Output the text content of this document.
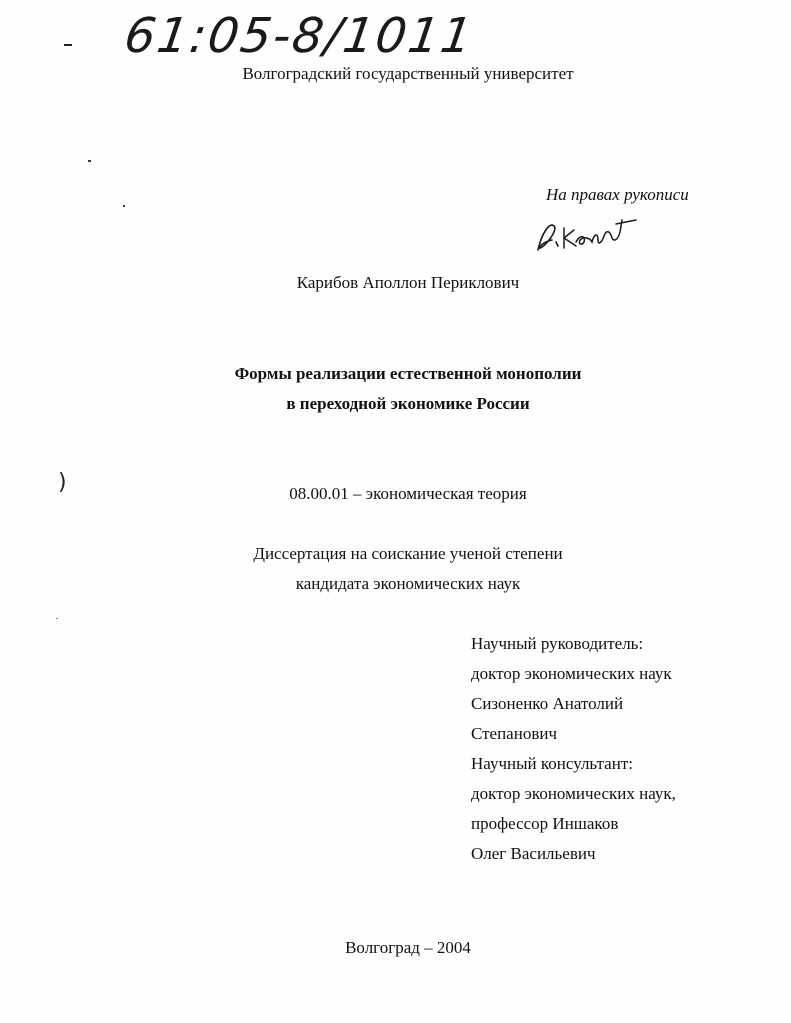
61:05-8/1011
Волгоградский государственный университет
На правах рукописи
Карибов Аполлон Периклович
Формы реализации естественной монополии
в переходной экономике России
)	08.00.01 – экономическая теория
Диссертация на соискание ученой степени
кандидата экономических наук
Научный руководитель:
доктор экономических наук
Сизоненко Анатолий
Степанович
Научный консультант:
доктор экономических наук,
профессор Иншаков
Олег Васильевич
Волгоград – 2004
